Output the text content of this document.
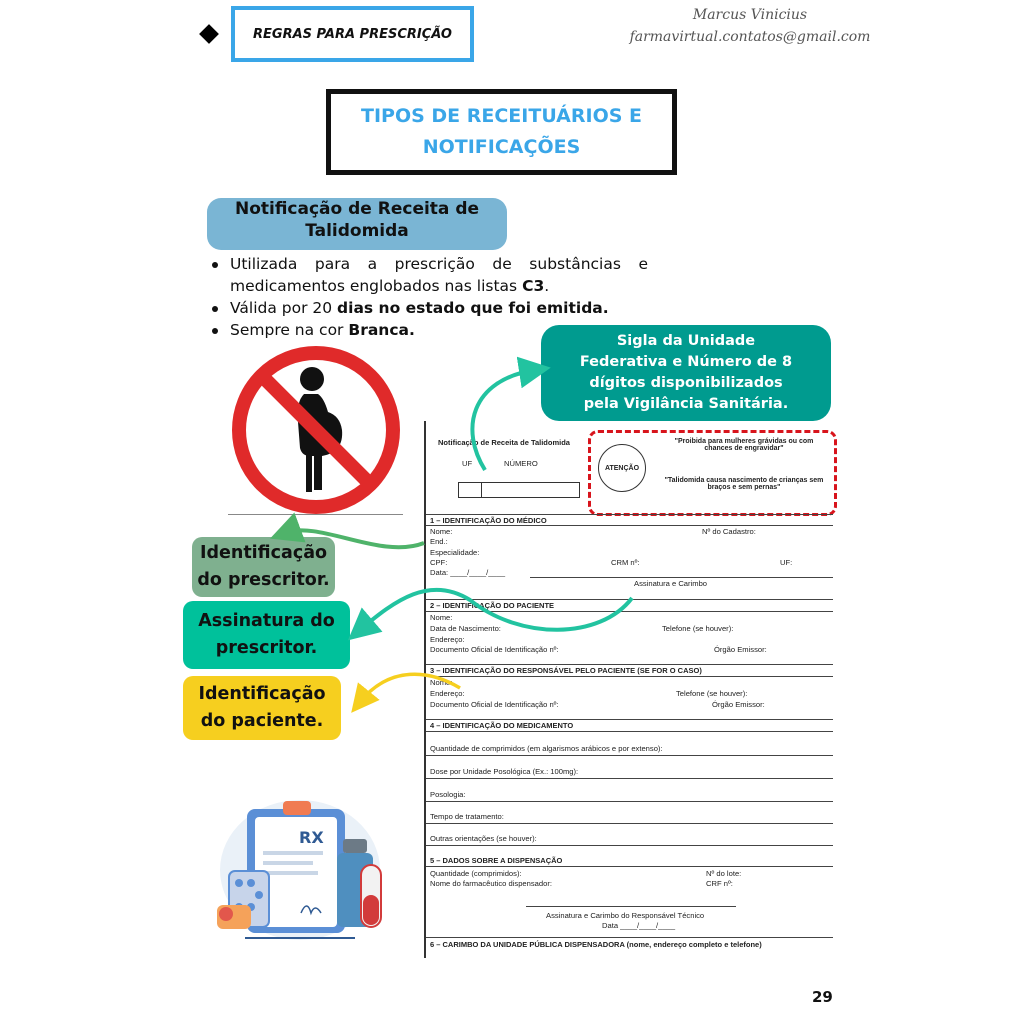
REGRAS PARA PRESCRIÇÃO
Marcus Vinicius
farmavirtual.contatos@gmail.com
TIPOS DE RECEITUÁRIOS E
NOTIFICAÇÕES
Notificação de Receita de
Talidomida
Utilizada para a prescrição de substâncias e medicamentos englobados nas listas C3.
Válida por 20 dias no estado que foi emitida.
Sempre na cor Branca.
Sigla da Unidade
Federativa e Número de 8
dígitos disponibilizados
pela Vigilância Sanitária.
Identificação
do prescritor.
Assinatura do
prescritor.
Identificação
do paciente.
Notificação de Receita de Talidomida
UF	NÚMERO	ATENÇÃO
"Proibida para mulheres grávidas ou com chances de engravidar"
"Talidomida causa nascimento de crianças sem braços e sem pernas"
1 – IDENTIFICAÇÃO DO MÉDICO
Nome:	Nº do Cadastro:
End.:
Especialidade:
CPF:	CRM nº:	UF:
Data: ____/____/____
Assinatura e Carimbo
2 – IDENTIFICAÇÃO DO PACIENTE
Nome:
Data de Nascimento:	Telefone (se houver):
Endereço:
Documento Oficial de Identificação nº:	Órgão Emissor:
3 – IDENTIFICAÇÃO DO RESPONSÁVEL PELO PACIENTE (SE FOR O CASO)
Nome:
Endereço:	Telefone (se houver):
Documento Oficial de Identificação nº:	Órgão Emissor:
4 – IDENTIFICAÇÃO DO MEDICAMENTO
Quantidade de comprimidos (em algarismos arábicos e por extenso):
Dose por Unidade Posológica (Ex.: 100mg):
Posologia:
Tempo de tratamento:
Outras orientações (se houver):
5 – DADOS SOBRE A DISPENSAÇÃO
Quantidade (comprimidos):	Nº do lote:
Nome do farmacêutico dispensador:	CRF nº:
Assinatura e Carimbo do Responsável Técnico
Data ____/____/____
6 – CARIMBO DA UNIDADE PÚBLICA DISPENSADORA (nome, endereço completo e telefone)
RX
29
